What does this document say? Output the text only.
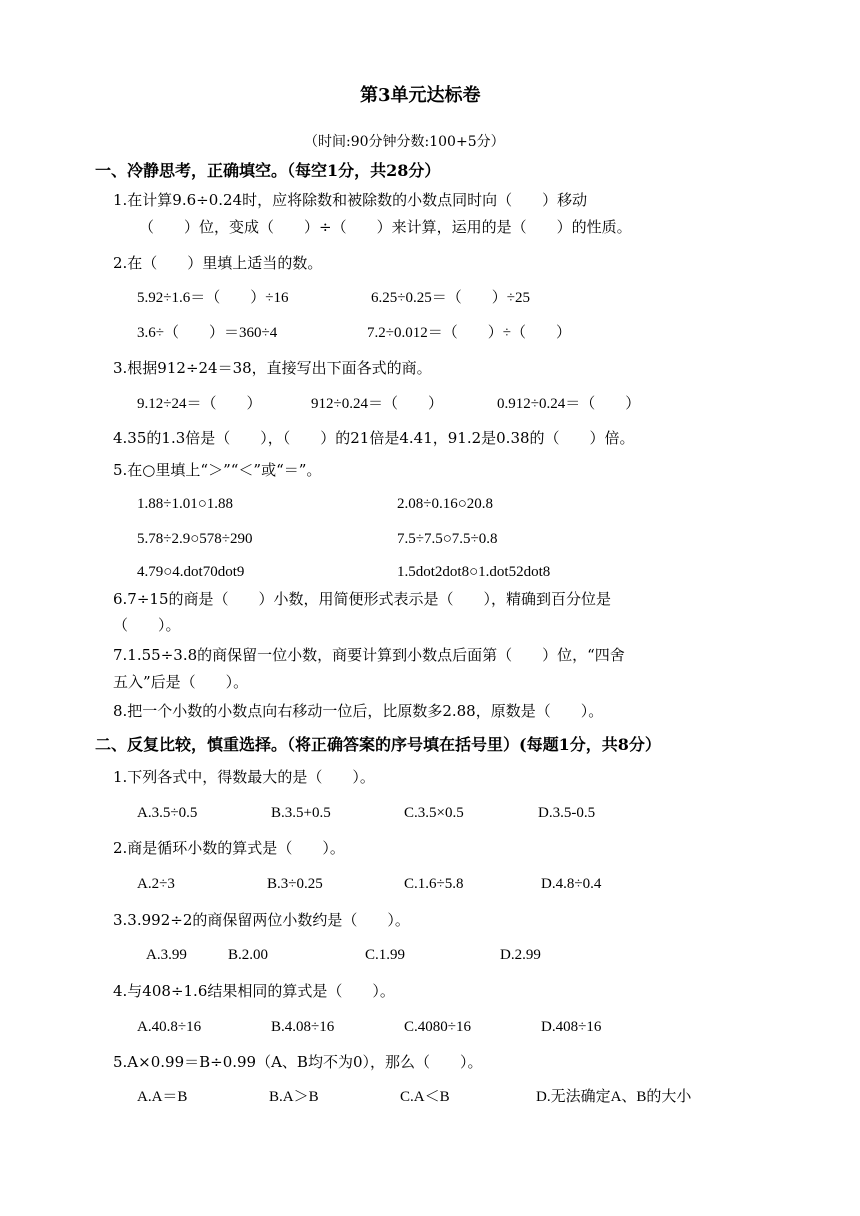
第3单元达标卷
（时间:90分钟分数:100+5分）
一、冷静思考，正确填空。（每空1分，共28分）
1.在计算9.6÷0.24时，应将除数和被除数的小数点同时向（　　）移动
（　　）位，变成（　　）÷（　　）来计算，运用的是（　　）的性质。
2.在（　　）里填上适当的数。
5.92÷1.6＝（　　）÷16	6.25÷0.25＝（　　）÷25
3.6÷（　　）＝360÷4	7.2÷0.012＝（　　）÷（　　）
3.根据912÷24＝38，直接写出下面各式的商。
9.12÷24＝（　　）	912÷0.24＝（　　）	0.912÷0.24＝（　　）
4.35的1.3倍是（　　），（　　）的21倍是4.41，91.2是0.38的（　　）倍。
5.在○里填上“＞”“＜”或“＝”。
1.88÷1.01○1.88	2.08÷0.16○20.8
5.78÷2.9○578÷290	7.5÷7.5○7.5÷0.8
4.79○4.dot70dot9	1.5dot2dot8○1.dot52dot8
6.7÷15的商是（　　）小数，用简便形式表示是（　　），精确到百分位是
（　　）。
7.1.55÷3.8的商保留一位小数，商要计算到小数点后面第（　　）位，“四舍
五入”后是（　　）。
8.把一个小数的小数点向右移动一位后，比原数多2.88，原数是（　　）。
二、反复比较，慎重选择。（将正确答案的序号填在括号里）(每题1分，共8分）
1.下列各式中，得数最大的是（　　）。
A.3.5÷0.5	B.3.5+0.5	C.3.5×0.5	D.3.5-0.5
2.商是循环小数的算式是（　　）。
A.2÷3	B.3÷0.25	C.1.6÷5.8	D.4.8÷0.4
3.3.992÷2的商保留两位小数约是（　　）。
A.3.99	B.2.00	C.1.99	D.2.99
4.与408÷1.6结果相同的算式是（　　）。
A.40.8÷16	B.4.08÷16	C.4080÷16	D.408÷16
5.A×0.99＝B÷0.99（A、B均不为0），那么（　　）。
A.A＝B	B.A＞B	C.A＜B	D.无法确定A、B的大小
